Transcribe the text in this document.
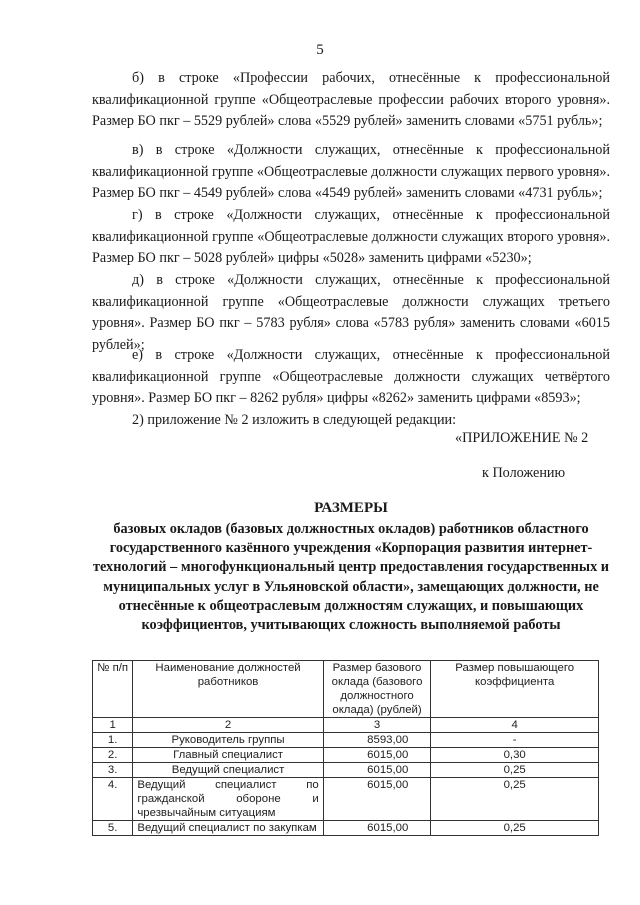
5

б) в строке «Профессии рабочих, отнесённые к профессиональной квалификационной группе «Общеотраслевые профессии рабочих второго уровня». Размер БО пкг – 5529 рублей» слова «5529 рублей» заменить словами «5751 рубль»;

в) в строке «Должности служащих, отнесённые к профессиональной квалификационной группе «Общеотраслевые должности служащих первого уровня». Размер БО пкг – 4549 рублей» слова «4549 рублей» заменить словами «4731 рубль»;

г) в строке «Должности служащих, отнесённые к профессиональной квалификационной группе «Общеотраслевые должности служащих второго уровня». Размер БО пкг – 5028 рублей» цифры «5028» заменить цифрами «5230»;

д) в строке «Должности служащих, отнесённые к профессиональной квалификационной группе «Общеотраслевые должности служащих третьего уровня». Размер БО пкг – 5783 рубля» слова «5783 рубля» заменить словами «6015 рублей»;

е) в строке «Должности служащих, отнесённые к профессиональной квалификационной группе «Общеотраслевые должности служащих четвёртого уровня». Размер БО пкг – 8262 рубля» цифры «8262» заменить цифрами «8593»;

2) приложение № 2 изложить в следующей редакции:
«ПРИЛОЖЕНИЕ № 2
к Положению

РАЗМЕРЫ

базовых окладов (базовых должностных окладов) работников областного государственного казённого учреждения «Корпорация развития интернет-технологий – многофункциональный центр предоставления государственных и муниципальных услуг в Ульяновской области», замещающих должности, не отнесённые к общеотраслевым должностям служащих, и повышающих коэффициентов, учитывающих сложность выполняемой работы

№ п/п	Наименование должностей работников	Размер базового оклада (базового должностного оклада) (рублей)	Размер повышающего коэффициента
1	2	3	4
1.	Руководитель группы	8593,00	-
2.	Главный специалист	6015,00	0,30
3.	Ведущий специалист	6015,00	0,25
4.	Ведущий специалист по гражданской обороне и чрезвычайным ситуациям	6015,00	0,25
5.	Ведущий специалист по закупкам	6015,00	0,25
